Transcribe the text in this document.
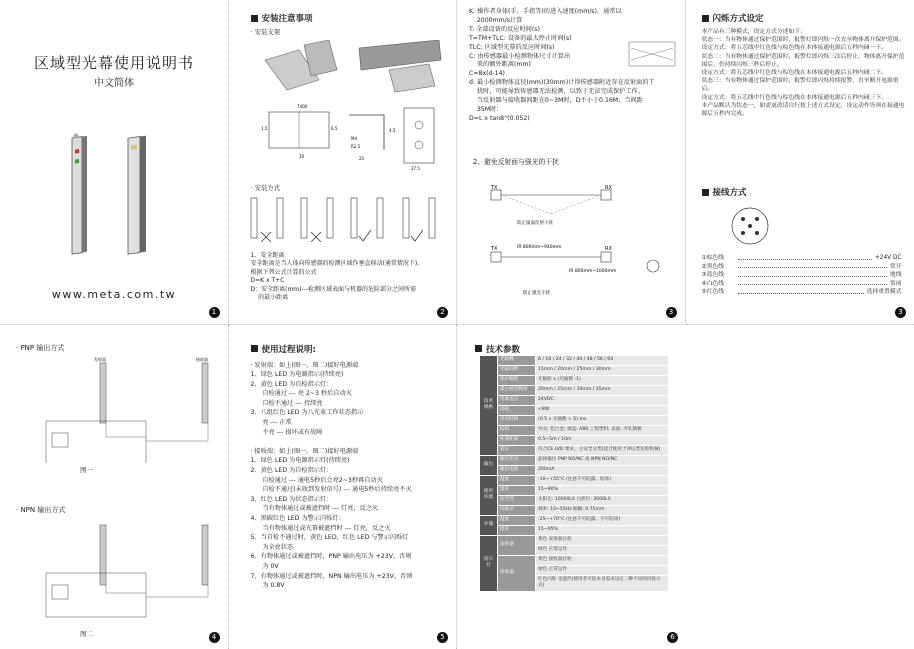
区域型光幕使用说明书
中文简体
www.meta.com.tw
1
安装注意事项
· 安装支架
7400
1.5	6.5
10
M4
R2.5
4.5
27.5
25
· 安装方式
1、安全距离
安全距离是当人体向传感器的检测区域作垂直移动(通常情况下),
根据下列公式计算的公式
D=K x T+C
D：安全距离(mm)---检测区域表面与机器的危险部分之间所需
的最小距离
2
K: 操作者身体(手、手指等)的进入速度(mm/s)，通常以
2000mm/s计算
T: 全部设备的反应时间(s)
T=TM+TLC: 设备的最大停止时间(s)
TLC: 区域型光幕的反应时间(s)
C: 由传感器最小检测物体尺寸计算出
来的额外距离(mm)
C=8x(d-14)
d: 最小检测物体直径(mm)(30mm)计得传感器附近存在反射面的干
扰时，可能导致传感器无法检测，以致于无法完成保护工作。
当反射器与接收器间距在0~3M时，D不小于0.16M；当间距
35M时：
D=L x tan8°(0.052)
2、避免反射面与强光的干扰
TX	RX
防止镜面反射干扰
TX	RX
IR 800mm~940mm
IR 800mm~1000mm
防止强光干扰
3
闪烁方式设定
本产品有三种模式，设定方式分述如下：
状态一：当有物体通过保护范围时，报警灯即闪烁一次直至物体离开保护范围。
设定方式：将五芯线中红色线与棕色线在本体接通电源后五秒内碰一下。
状态二：当有物体通过保护范围时，报警灯即闪烁三次后停止，物体离开保护范围后，仍持续闪烁三秒后停止。
设定方式：将五芯线中红色线与棕色线在本体接通电源后五秒内碰二下。
状态三：当有物体通过保护范围时，报警灯即闪烁持续报警，直至断开电源重启。
设定方式：将五芯线中红色线与棕色线在本体接通电源后五秒内碰三下。
本产品默认为状态一，如需更改请自行按上述方式设定，设定动作皆须在接通电源后五秒内完成。
接线方式
① 棕色线	+24V DC
② 黑色线	常开
③ 蓝色线	地线
④ 白色线	常闭
⑤ 红色线	选择重置模式
3
· PNP 输出方式
发射器	接收器
图一
· NPN 输出方式
图二	4
使用过程说明:
· 发射端：如上(图一、图二)接好电源端
1、绿色 LED 为电源指示(持续亮)
2、黄色 LED 为自检指示灯：
自检通过 --- 亮 2~3 秒后自动灭
自检不通过 --- 持续亮
3、八组红色 LED 为八光束工作状态指示
亮 --- 正常
不亮 --- 损坏或有故障

· 接收端：如上(图一、图二)接好电源端
1、绿色 LED 为电源指示灯(持续亮)
2、黄色 LED 为自检指示灯：
自检通过 --- 通电5秒后会亮2~3秒再自动灭
自检不通过(未收到发射信号) --- 通电5秒后持续亮不灭
3、红色 LED 为状态指示灯：
当有物体通过或被遮挡时 --- 灯亮，反之灭
4、黑碳红色 LED 为警示闪烁灯：
当有物体通过或光幕被遮挡时 --- 灯亮，反之灭
5、当自检不通过时，黄色 LED，红色 LED 与警示闪烁灯
为全亮状态
6、有物体通过或被遮挡时，PNP 输出电压为 +23V，否则
为 0V
7、有物体通过或被遮挡时，NPN 输出电压为 +23V，否则
为 0.8V
5
技术参数
技术规格	光轴数	8 / 16 / 24 / 32 / 40 / 48 / 56 / 64
	光轴间距	15mm / 20mm / 25mm / 30mm
	保护幅度	光轴距 x (光轴数 -1)
	最小检出物体	20mm / 25mm / 30mm / 35mm
	电源电压	24VDC
	消耗	<8W
	反应时间	(0.5 x 光轴数 + 5) ms
	结构	外壳: 铝合金; 端盖: ABS 工程塑料; 表面: 冷轧钢板
	检测距离	0.5~5m / 10m
	验证	符合CE LVD 要求，主安全分类(适合使用于冲压类危险机械)
输出	输出形式	晶体输出 PNP NO/NC 或 NPN NO/NC
	输出电流	200mA
使用环境	温度	-10~+55°C (注意不可结露、结冰)
	湿度	15~80%
	抗光性	太阳光: 10000LX 白炽灯: 3000LX
	抗振动	频率: 10~55Hz 振幅: 0.75mm
存储	温度	-25~+70°C (注意不可结露、不可结冰)
	湿度	15~95%
指示灯	发射器	黄色 发射器自检
		绿色 正常运作
	接收器	黄色 接收器自检
		绿色 正常运作
		红色闪烁 受遮挡(使用者可依本身需求设定二种不同的闪烁方式)
6
